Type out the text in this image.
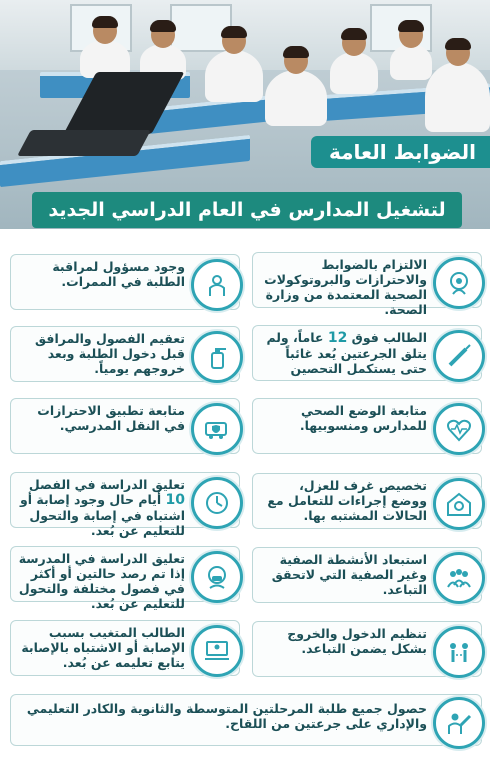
الضوابط العامة
لتشغيل المدارس في العام الدراسي الجديد
الالتزام بالضوابط والاحترازات والبروتوكولات الصحية المعتمدة من وزارة الصحة.
الطالب فوق 12 عاماً، ولم يتلق الجرعتين يُعد غائباً حتى يستكمل التحصين
متابعة الوضع الصحي للمدارس ومنسوبيها.
تخصيص غرف للعزل، ووضع إجراءات للتعامل مع الحالات المشتبه بها.
استبعاد الأنشطة الصفية وغير الصفية التي لاتحقق التباعد.
تنظيم الدخول والخروج بشكل يضمن التباعد.
وجود مسؤول لمراقبة الطلبة في الممرات.
تعقيم الفصول والمرافق قبل دخول الطلبة وبعد خروجهم يومياً.
متابعة تطبيق الاحترازات في النقل المدرسي.
تعليق الدراسة في الفصل 10 أيام حال وجود إصابة أو اشتباه في إصابة والتحول للتعليم عن بُعد.
تعليق الدراسة في المدرسة إذا تم رصد حالتين أو أكثر في فصول مختلفة والتحول للتعليم عن بُعد.
الطالب المتغيب بسبب الإصابة أو الاشتباه بالإصابة يتابع تعليمه عن بُعد.
حصول جميع طلبة المرحلتين المتوسطة والثانوية والكادر التعليمي والإداري على جرعتين من اللقاح.
